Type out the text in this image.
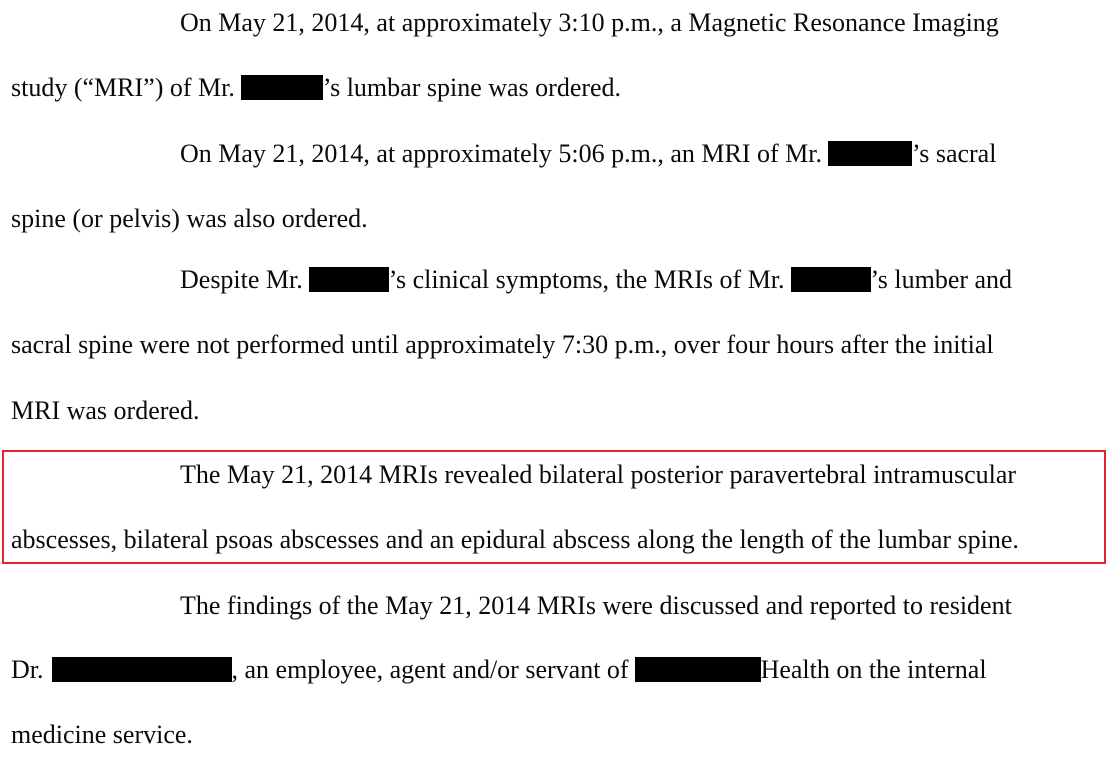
On May 21, 2014, at approximately 3:10 p.m., a Magnetic Resonance Imaging
study (“MRI”) of Mr.	’s lumbar spine was ordered.
On May 21, 2014, at approximately 5:06 p.m., an MRI of Mr.	’s sacral
spine (or pelvis) was also ordered.
Despite Mr.	’s clinical symptoms, the MRIs of Mr.	’s lumber and
sacral spine were not performed until approximately 7:30 p.m., over four hours after the initial
MRI was ordered.
The May 21, 2014 MRIs revealed bilateral posterior paravertebral intramuscular
abscesses, bilateral psoas abscesses and an epidural abscess along the length of the lumbar spine.
The findings of the May 21, 2014 MRIs were discussed and reported to resident
Dr.	, an employee, agent and/or servant of	Health on the internal
medicine service.
